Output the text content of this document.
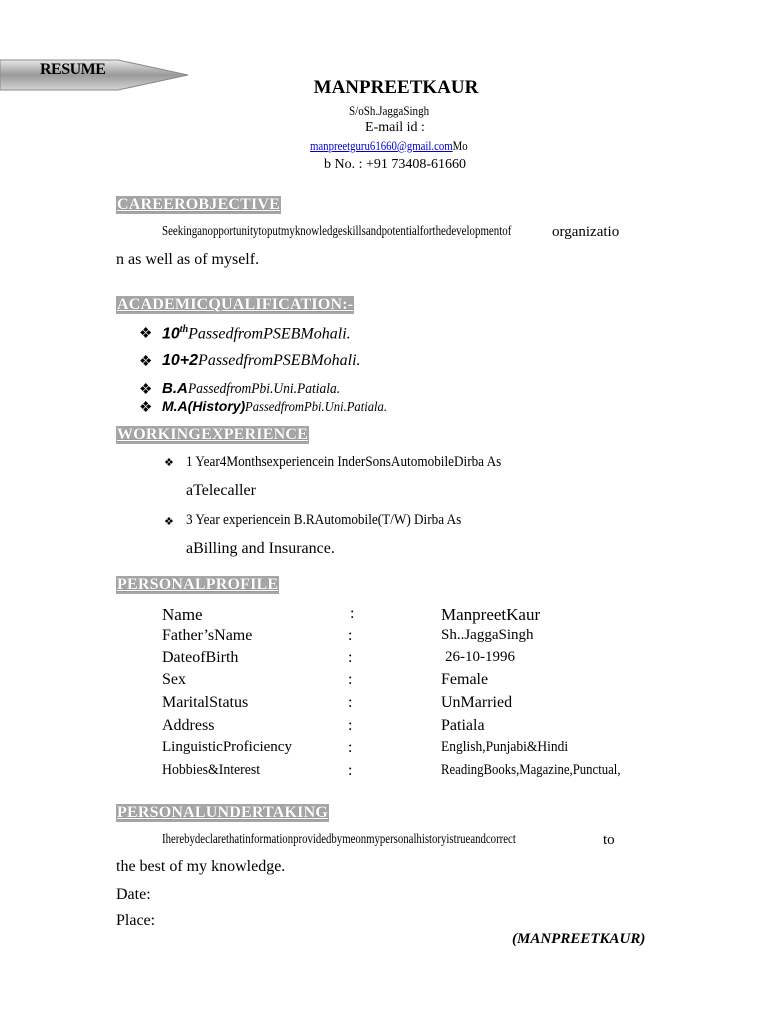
RESUME
MANPREETKAUR
S/oSh.JaggaSingh
E-mail id :
manpreetguru61660@gmail.comMo
b No. : +91 73408-61660
CAREEROBJECTIVE
Seekinganopportunitytoputmyknowledgeskillsandpotentialforthedevelopmentof	organizatio
n as well as of myself.
ACADEMICQUALIFICATION:-
❖ 10thPassedfromPSEBMohali.
❖ 10+2PassedfromPSEBMohali.
❖ B.APassedfromPbi.Uni.Patiala.
❖ M.A(History)PassedfromPbi.Uni.Patiala.
WORKINGEXPERIENCE
❖ 1 Year4Monthsexperiencein InderSonsAutomobileDirba As
aTelecaller
❖ 3 Year experiencein B.RAutomobile(T/W) Dirba As
aBilling and Insurance.
PERSONALPROFILE
Name	:	ManpreetKaur
Father’sName	:	Sh..JaggaSingh
DateofBirth	:	26-10-1996
Sex	:	Female
MaritalStatus	:	UnMarried
Address	:	Patiala
LinguisticProficiency	:	English,Punjabi&Hindi
Hobbies&Interest	:	ReadingBooks,Magazine,Punctual,
PERSONALUNDERTAKING
Iherebydeclarethatinformationprovidedbymeonmypersonalhistoryistrueandcorrect	to
the best of my knowledge.
Date:
Place:
(MANPREETKAUR)
